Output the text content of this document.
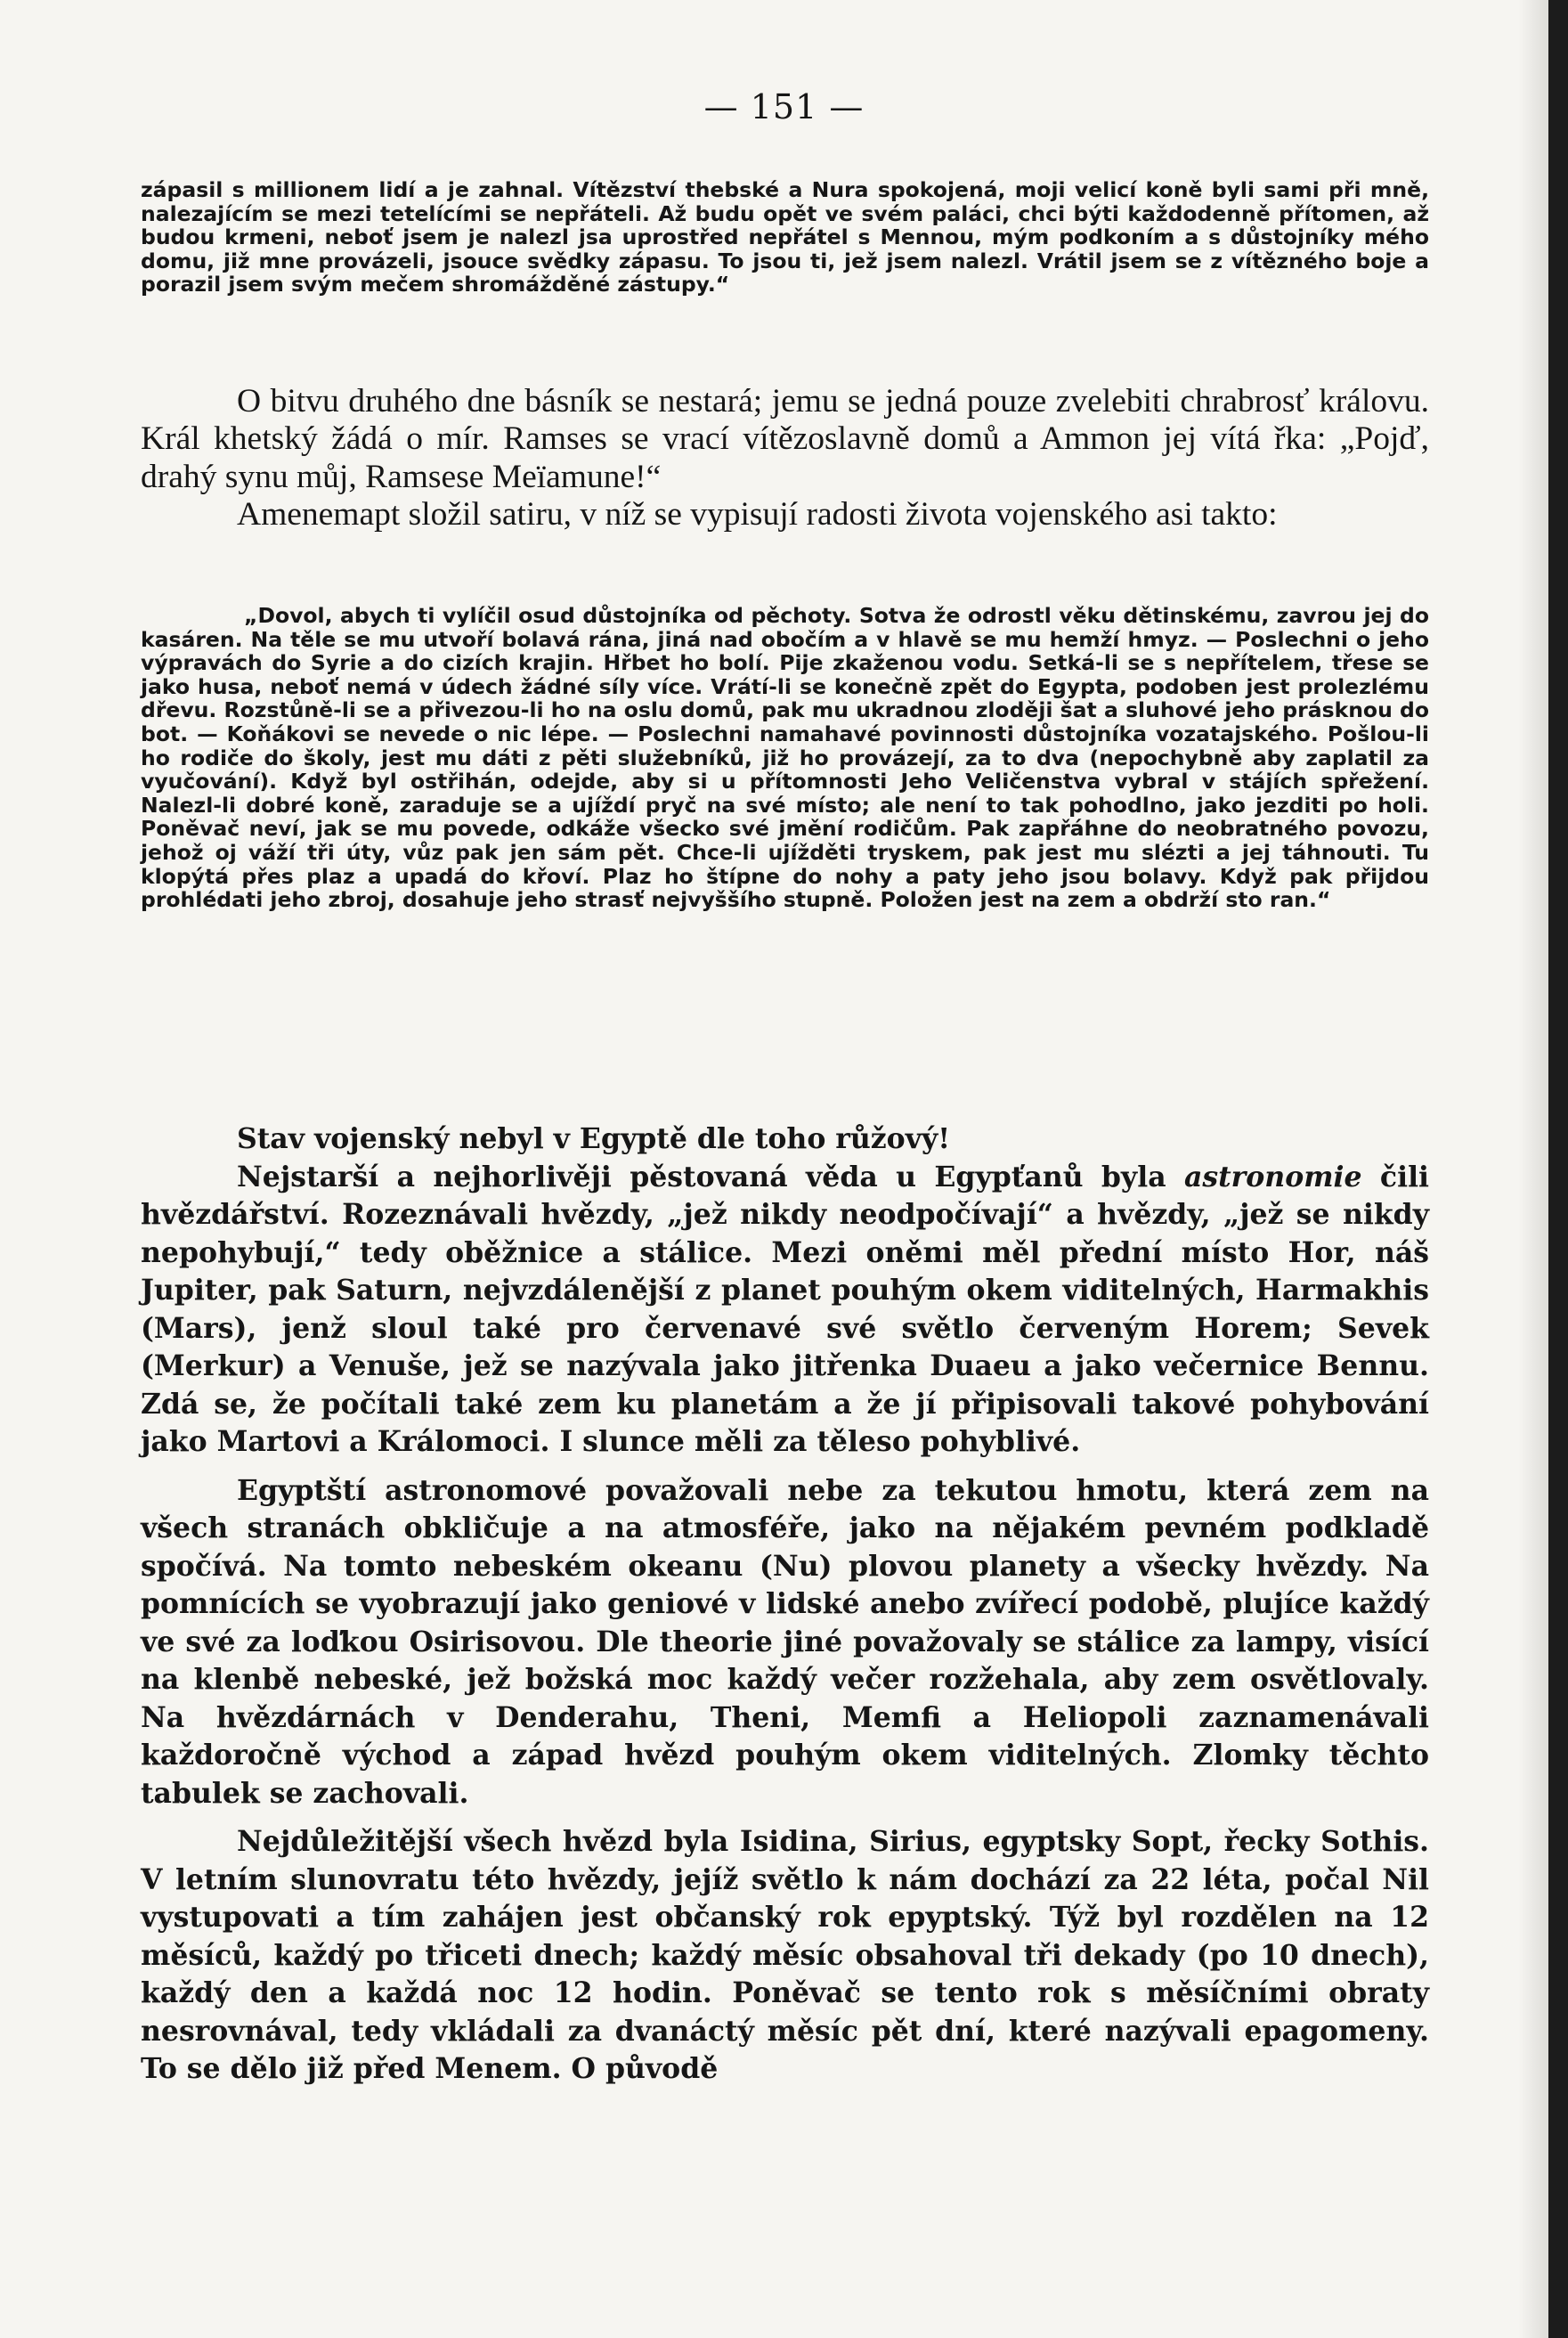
— 151 —

zápasil s millionem lidí a je zahnal. Vítězství thebské a Nura spokojená, moji velicí koně byli sami při mně, nalezajícím se mezi tetelícími se nepřáteli. Až budu opět ve svém paláci, chci býti každodenně přítomen, až budou krmeni, neboť jsem je nalezl jsa uprostřed nepřátel s Mennou, mým podkoním a s důstojníky mého domu, již mne provázeli, jsouce svědky zápasu. To jsou ti, jež jsem nalezl. Vrátil jsem se z vítězného boje a porazil jsem svým mečem shromážděné zástupy.“

O bitvu druhého dne básník se nestará; jemu se jedná pouze zvelebiti chrabrosť královu. Král khetský žádá o mír. Ramses se vrací vítězoslavně domů a Ammon jej vítá řka: „Pojď, drahý synu můj, Ramsese Meïamune!“

Amenemapt složil satiru, v níž se vypisují radosti života vojenského asi takto:

„Dovol, abych ti vylíčil osud důstojníka od pěchoty. Sotva že odrostl věku dětinskému, zavrou jej do kasáren. Na těle se mu utvoří bolavá rána, jiná nad obočím a v hlavě se mu hemží hmyz. — Poslechni o jeho výpravách do Syrie a do cizích krajin. Hřbet ho bolí. Pije zkaženou vodu. Setká-li se s nepřítelem, třese se jako husa, neboť nemá v údech žádné síly více. Vrátí-li se konečně zpět do Egypta, podoben jest prolezlému dřevu. Rozstůně-li se a přivezou-li ho na oslu domů, pak mu ukradnou zloději šat a sluhové jeho prásknou do bot. — Koňákovi se nevede o nic lépe. — Poslechni namahavé povinnosti důstojníka vozatajského. Pošlou-li ho rodiče do školy, jest mu dáti z pěti služebníků, již ho provázejí, za to dva (nepochybně aby zaplatil za vyučování). Když byl ostřihán, odejde, aby si u přítomnosti Jeho Veličenstva vybral v stájích spřežení. Nalezl-li dobré koně, zaraduje se a ujíždí pryč na své místo; ale není to tak pohodlno, jako jezditi po holi. Poněvač neví, jak se mu povede, odkáže všecko své jmění rodičům. Pak zapřáhne do neobratného povozu, jehož oj váží tři úty, vůz pak jen sám pět. Chce-li ujížděti tryskem, pak jest mu slézti a jej táhnouti. Tu klopýtá přes plaz a upadá do křoví. Plaz ho štípne do nohy a paty jeho jsou bolavy. Když pak přijdou prohlédati jeho zbroj, dosahuje jeho strasť nejvyššího stupně. Položen jest na zem a obdrží sto ran.“

Stav vojenský nebyl v Egyptě dle toho růžový!

Nejstarší a nejhorlivěji pěstovaná věda u Egypťanů byla astronomie čili hvězdářství. Rozeznávali hvězdy, „jež nikdy neodpočívají“ a hvězdy, „jež se nikdy nepohybují,“ tedy oběžnice a stálice. Mezi oněmi měl přední místo Hor, náš Jupiter, pak Saturn, nejvzdálenější z planet pouhým okem viditelných, Harmakhis (Mars), jenž sloul také pro červenavé své světlo červeným Horem; Sevek (Merkur) a Venuše, jež se nazývala jako jitřenka Duaeu a jako večernice Bennu. Zdá se, že počítali také zem ku planetám a že jí připisovali takové pohybování jako Martovi a Králomoci. I slunce měli za těleso pohyblivé.

Egyptští astronomové považovali nebe za tekutou hmotu, která zem na všech stranách obkličuje a na atmosféře, jako na nějakém pevném podkladě spočívá. Na tomto nebeském okeanu (Nu) plovou planety a všecky hvězdy. Na pomnících se vyobrazují jako geniové v lidské anebo zvířecí podobě, plujíce každý ve své za loďkou Osirisovou. Dle theorie jiné považovaly se stálice za lampy, visící na klenbě nebeské, jež božská moc každý večer rozžehala, aby zem osvětlovaly. Na hvězdárnách v Denderahu, Theni, Memfi a Heliopoli zaznamenávali každoročně východ a západ hvězd pouhým okem viditelných. Zlomky těchto tabulek se zachovali.

Nejdůležitější všech hvězd byla Isidina, Sirius, egyptsky Sopt, řecky Sothis. V letním slunovratu této hvězdy, jejíž světlo k nám dochází za 22 léta, počal Nil vystupovati a tím zahájen jest občanský rok epyptský. Týž byl rozdělen na 12 měsíců, každý po třiceti dnech; každý měsíc obsahoval tři dekady (po 10 dnech), každý den a každá noc 12 hodin. Poněvač se tento rok s měsíčními obraty nesrovnával, tedy vkládali za dvanáctý měsíc pět dní, které nazývali epagomeny. To se dělo již před Menem. O původě
